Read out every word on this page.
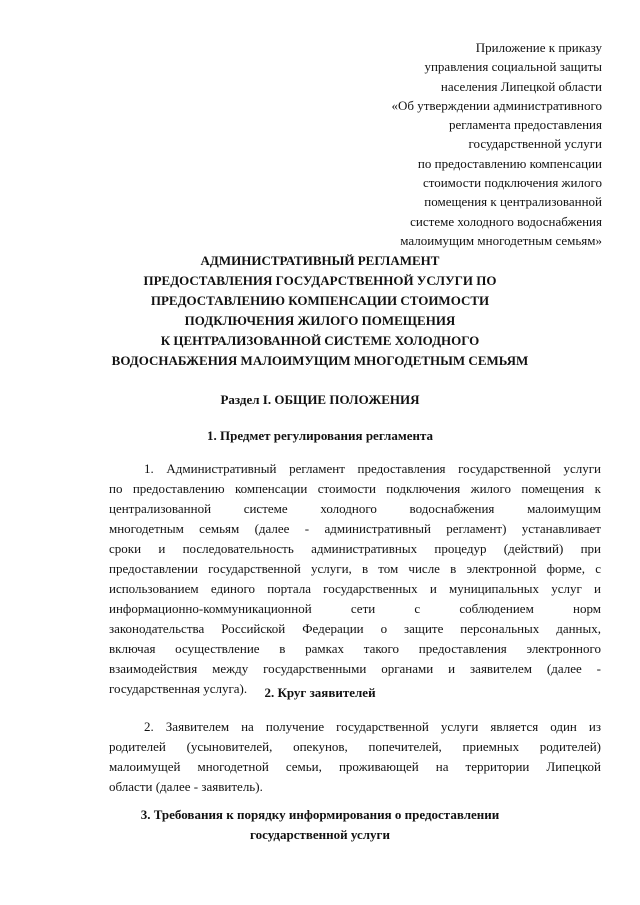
Приложение к приказу
управления социальной защиты
населения Липецкой области
«Об утверждении административного
регламента предоставления
государственной услуги
по предоставлению компенсации
стоимости подключения жилого
помещения к централизованной
системе холодного водоснабжения
малоимущим многодетным семьям»
АДМИНИСТРАТИВНЫЙ РЕГЛАМЕНТ
ПРЕДОСТАВЛЕНИЯ ГОСУДАРСТВЕННОЙ УСЛУГИ ПО
ПРЕДОСТАВЛЕНИЮ КОМПЕНСАЦИИ СТОИМОСТИ
ПОДКЛЮЧЕНИЯ ЖИЛОГО ПОМЕЩЕНИЯ
К ЦЕНТРАЛИЗОВАННОЙ СИСТЕМЕ ХОЛОДНОГО
ВОДОСНАБЖЕНИЯ МАЛОИМУЩИМ МНОГОДЕТНЫМ СЕМЬЯМ
Раздел I. ОБЩИЕ ПОЛОЖЕНИЯ
1. Предмет регулирования регламента
1. Административный регламент предоставления государственной услуги
по предоставлению компенсации стоимости подключения жилого помещения к
централизованной системе холодного водоснабжения малоимущим
многодетным семьям (далее - административный регламент) устанавливает
сроки и последовательность административных процедур (действий) при
предоставлении государственной услуги, в том числе в электронной форме, с
использованием единого портала государственных и муниципальных услуг и
информационно-коммуникационной сети с соблюдением норм
законодательства Российской Федерации о защите персональных данных,
включая осуществление в рамках такого предоставления электронного
взаимодействия между государственными органами и заявителем (далее -
государственная услуга).	2. Круг заявителей
2. Заявителем на получение государственной услуги является один из
родителей (усыновителей, опекунов, попечителей, приемных родителей)
малоимущей многодетной семьи, проживающей на территории Липецкой
области (далее - заявитель).
3. Требования к порядку информирования о предоставлении
государственной услуги
